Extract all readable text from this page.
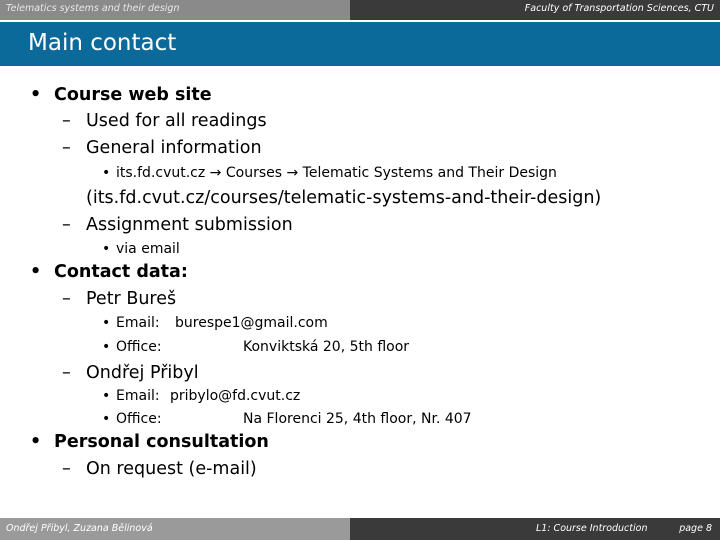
Telematics systems and their design	Faculty of Transportation Sciences, CTU
Main contact
• Course web site
– Used for all readings
– General information
• its.fd.cvut.cz → Courses → Telematic Systems and Their Design
(its.fd.cvut.cz/courses/telematic-systems-and-their-design)
– Assignment submission
• via email
• Contact data:
– Petr Bureš
• Email: burespe1@gmail.com
• Office:	Konviktská 20, 5th floor
– Ondřej Přibyl
• Email: pribylo@fd.cvut.cz
• Office:	Na Florenci 25, 4th floor, Nr. 407
• Personal consultation
– On request (e-mail)
Ondřej Přibyl, Zuzana Bělinová	L1: Course Introduction	page 8
